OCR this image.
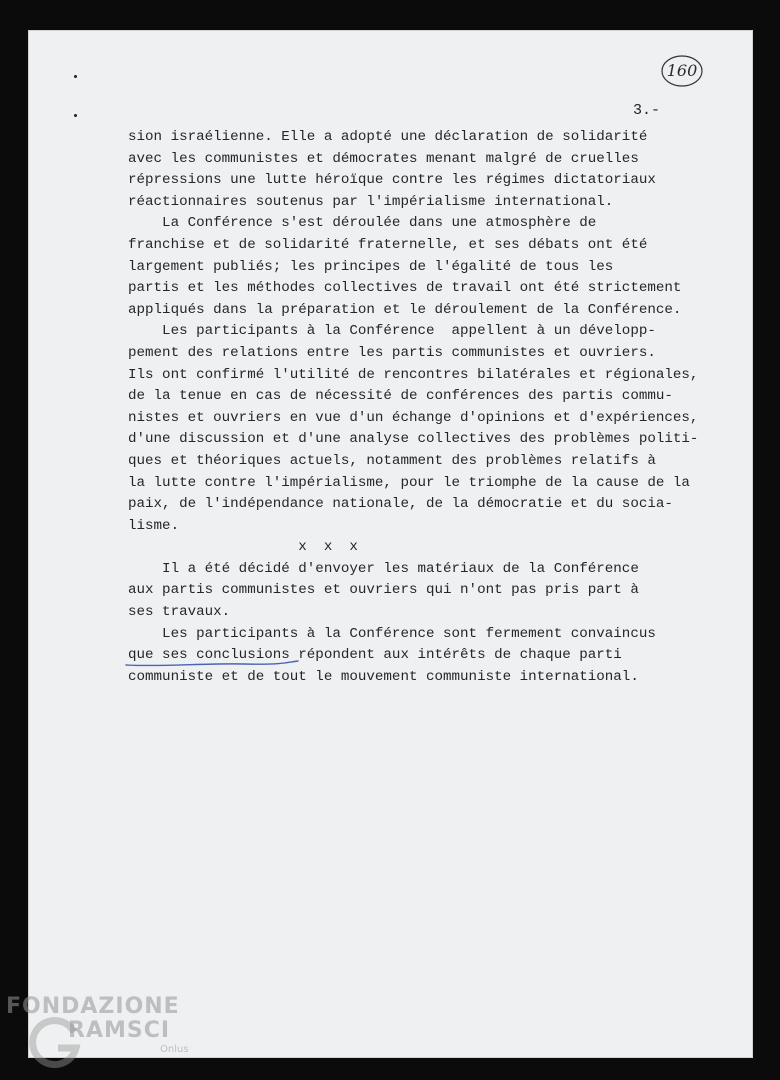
160
3.-
sion israélienne. Elle a adopté une déclaration de solidarité
avec les communistes et démocrates menant malgré de cruelles
répressions une lutte héroïque contre les régimes dictatoriaux
réactionnaires soutenus par l'impérialisme international.
La Conférence s'est déroulée dans une atmosphère de
franchise et de solidarité fraternelle, et ses débats ont été
largement publiés; les principes de l'égalité de tous les
partis et les méthodes collectives de travail ont été strictement
appliqués dans la préparation et le déroulement de la Conférence.
Les participants à la Conférence  appellent à un développ-
pement des relations entre les partis communistes et ouvriers.
Ils ont confirmé l'utilité de rencontres bilatérales et régionales,
de la tenue en cas de nécessité de conférences des partis commu-
nistes et ouvriers en vue d'un échange d'opinions et d'expériences,
d'une discussion et d'une analyse collectives des problèmes politi-
ques et théoriques actuels, notamment des problèmes relatifs à
la lutte contre l'impérialisme, pour le triomphe de la cause de la
paix, de l'indépendance nationale, de la démocratie et du socia-
lisme.
x  x  x
Il a été décidé d'envoyer les matériaux de la Conférence
aux partis communistes et ouvriers qui n'ont pas pris part à
ses travaux.
Les participants à la Conférence sont fermement convaincus
que ses conclusions
répondent aux intérêts de chaque parti
communiste et de tout le mouvement communiste international.
FONDAZIONE
RAMSCI
Onlus
